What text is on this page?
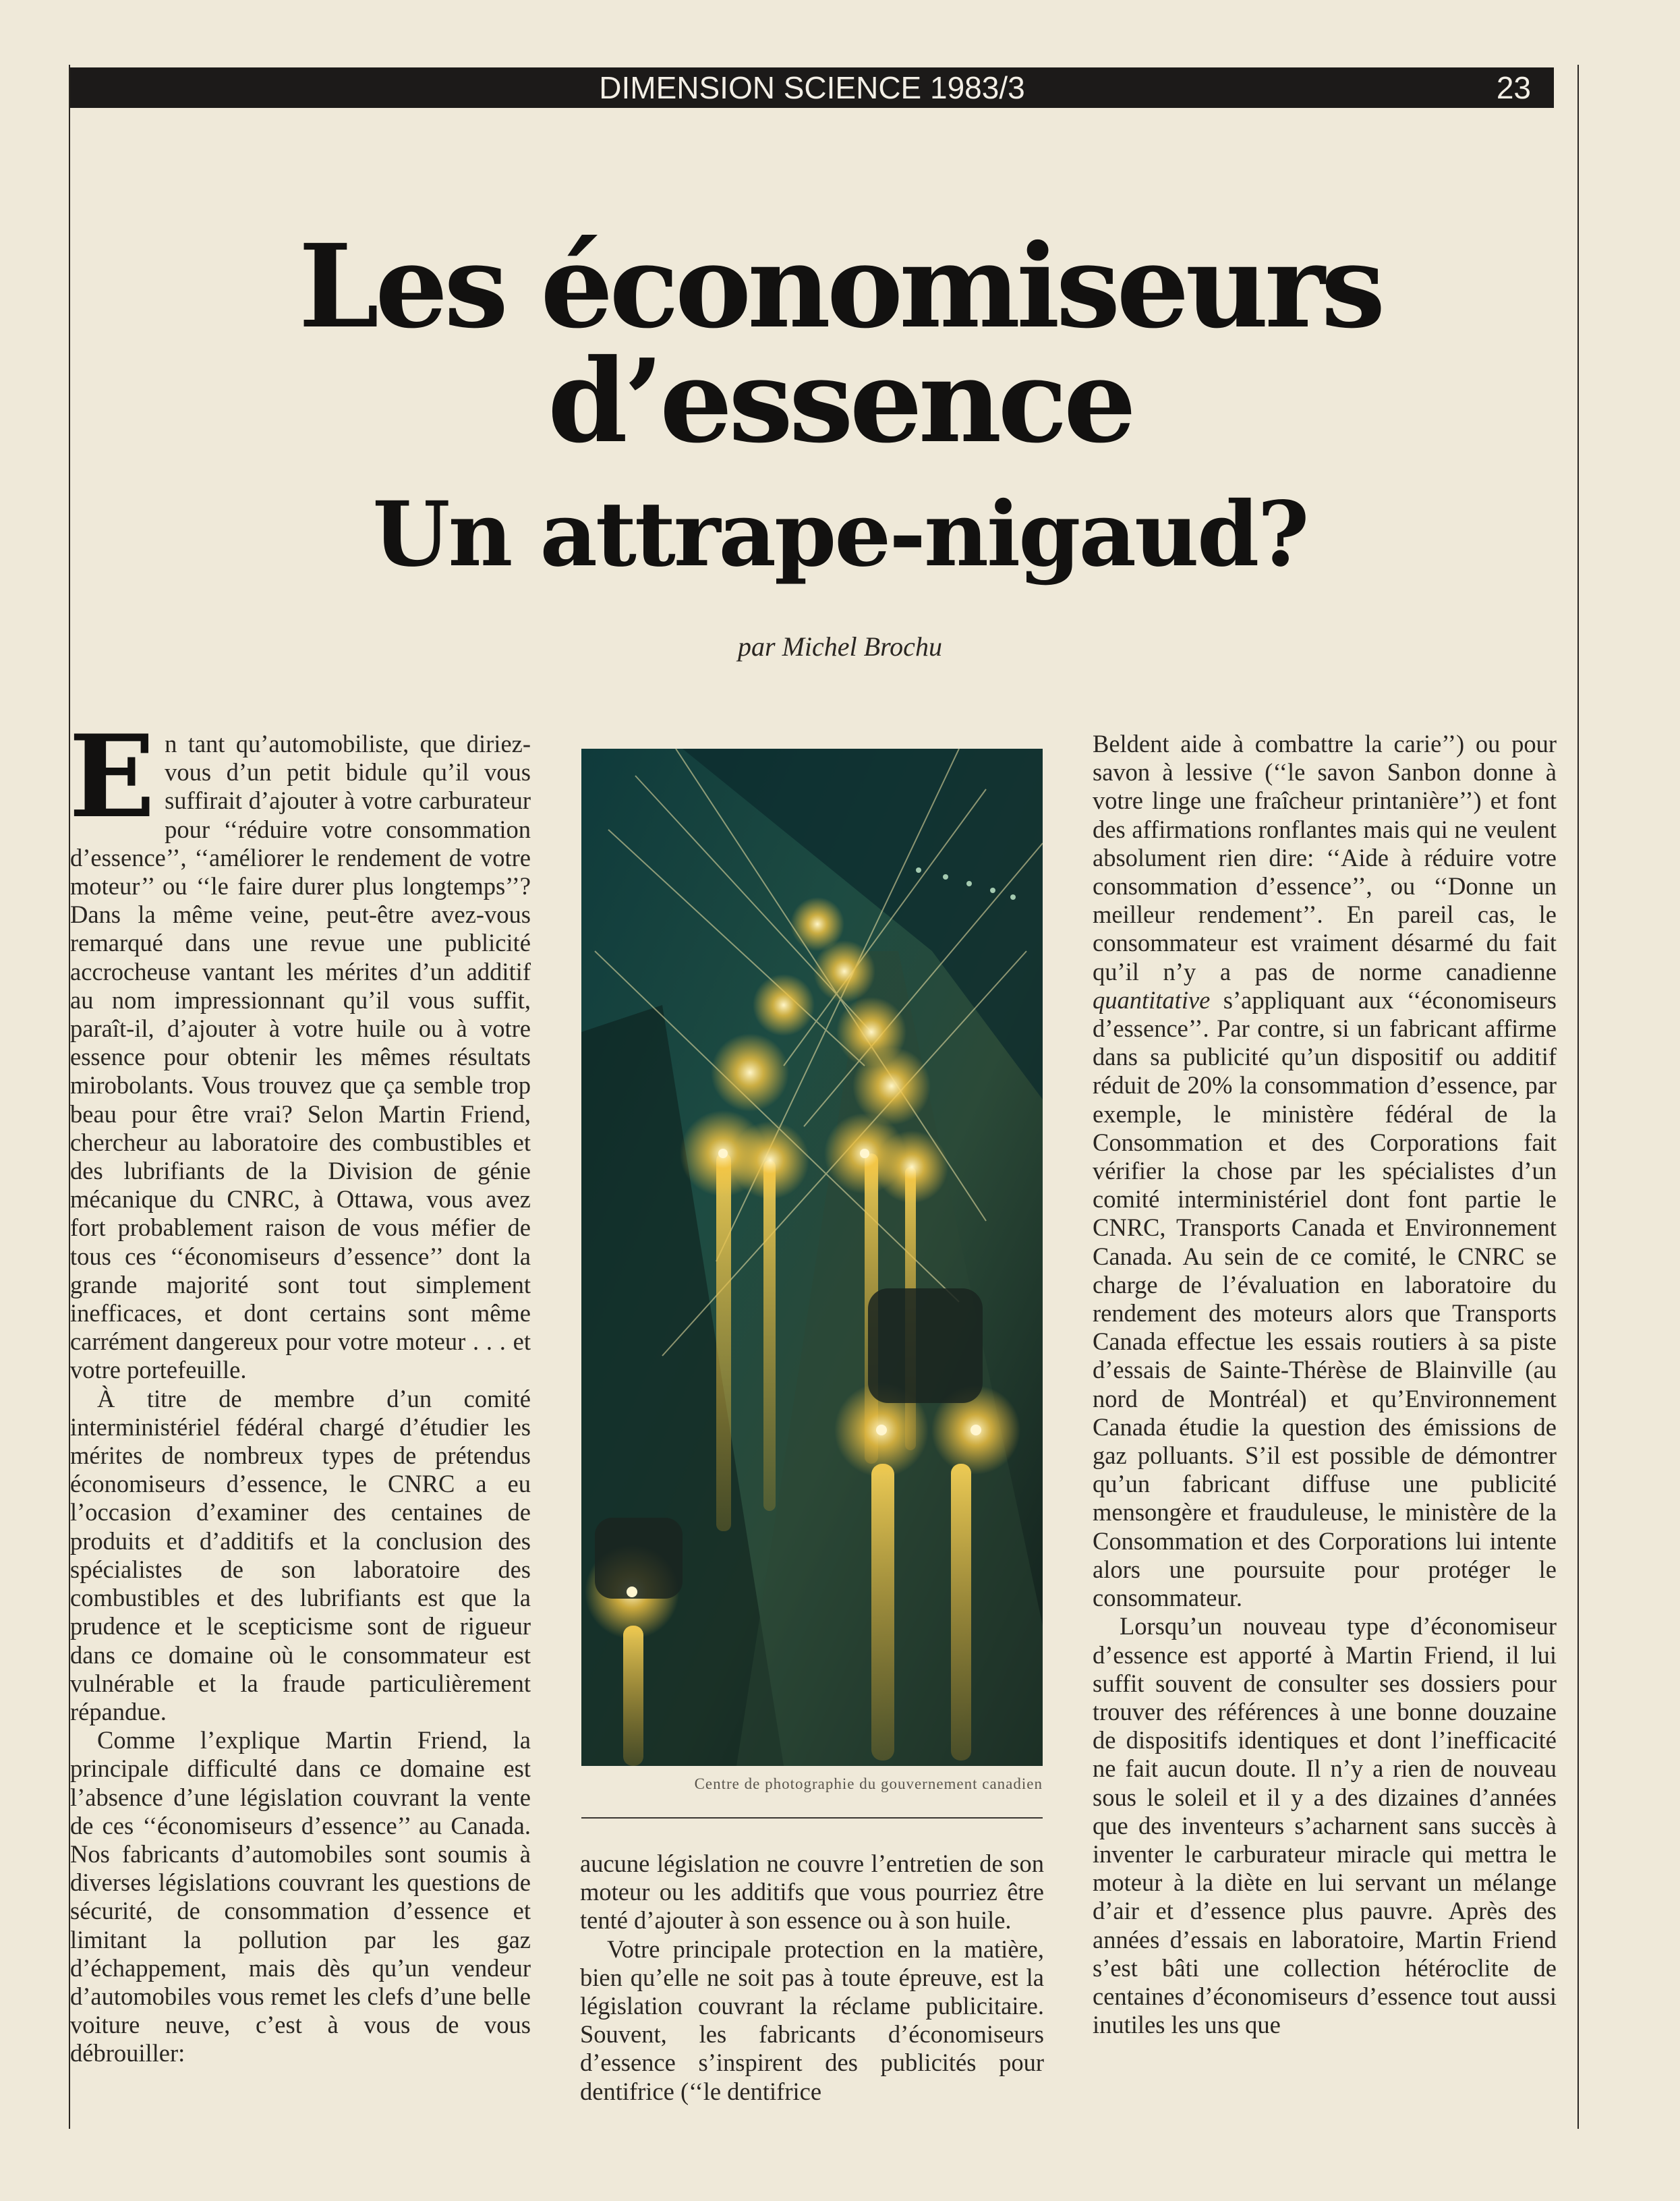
DIMENSION SCIENCE 1983/3	23
Les économiseurs
d’essence
Un attrape-nigaud?
par Michel Brochu

En tant qu’automobiliste, que diriez-vous d’un petit bidule qu’il vous suffirait d’ajouter à votre carburateur pour ‘‘réduire votre consommation d’essence’’, ‘‘améliorer le rendement de votre moteur’’ ou ‘‘le faire durer plus longtemps’’? Dans la même veine, peut-être avez-vous remarqué dans une revue une publicité accrocheuse vantant les mérites d’un additif au nom impressionnant qu’il vous suffit, paraît-il, d’ajouter à votre huile ou à votre essence pour obtenir les mêmes résultats mirobolants. Vous trouvez que ça semble trop beau pour être vrai? Selon Martin Friend, chercheur au laboratoire des combustibles et des lubrifiants de la Division de génie mécanique du CNRC, à Ottawa, vous avez fort probablement raison de vous méfier de tous ces ‘‘économiseurs d’essence’’ dont la grande majorité sont tout simplement inefficaces, et dont certains sont même carrément dangereux pour votre moteur . . . et votre portefeuille.

À titre de membre d’un comité interministériel fédéral chargé d’étudier les mérites de nombreux types de prétendus économiseurs d’essence, le CNRC a eu l’occasion d’examiner des centaines de produits et d’additifs et la conclusion des spécialistes de son laboratoire des combustibles et des lubrifiants est que la prudence et le scepticisme sont de rigueur dans ce domaine où le consommateur est vulnérable et la fraude particulièrement répandue.

Comme l’explique Martin Friend, la principale difficulté dans ce domaine est l’absence d’une législation couvrant la vente de ces ‘‘économiseurs d’essence’’ au Canada. Nos fabricants d’automobiles sont soumis à diverses législations couvrant les questions de sécurité, de consommation d’essence et limitant la pollution par les gaz d’échappement, mais dès qu’un vendeur d’automobiles vous remet les clefs d’une belle voiture neuve, c’est à vous de vous débrouiller:

Centre de photographie du gouvernement canadien

aucune législation ne couvre l’entretien de son moteur ou les additifs que vous pourriez être tenté d’ajouter à son essence ou à son huile.

Votre principale protection en la matière, bien qu’elle ne soit pas à toute épreuve, est la législation couvrant la réclame publicitaire. Souvent, les fabricants d’économiseurs d’essence s’inspirent des publicités pour dentifrice (‘‘le dentifrice

Beldent aide à combattre la carie’’) ou pour savon à lessive (‘‘le savon Sanbon donne à votre linge une fraîcheur printanière’’) et font des affirmations ronflantes mais qui ne veulent absolument rien dire: ‘‘Aide à réduire votre consommation d’essence’’, ou ‘‘Donne un meilleur rendement’’. En pareil cas, le consommateur est vraiment désarmé du fait qu’il n’y a pas de norme canadienne quantitative s’appliquant aux ‘‘économiseurs d’essence’’. Par contre, si un fabricant affirme dans sa publicité qu’un dispositif ou additif réduit de 20% la consommation d’essence, par exemple, le ministère fédéral de la Consommation et des Corporations fait vérifier la chose par les spécialistes d’un comité interministériel dont font partie le CNRC, Transports Canada et Environnement Canada. Au sein de ce comité, le CNRC se charge de l’évaluation en laboratoire du rendement des moteurs alors que Transports Canada effectue les essais routiers à sa piste d’essais de Sainte-Thérèse de Blainville (au nord de Montréal) et qu’Environnement Canada étudie la question des émissions de gaz polluants. S’il est possible de démontrer qu’un fabricant diffuse une publicité mensongère et frauduleuse, le ministère de la Consommation et des Corporations lui intente alors une poursuite pour protéger le consommateur.

Lorsqu’un nouveau type d’économiseur d’essence est apporté à Martin Friend, il lui suffit souvent de consulter ses dossiers pour trouver des références à une bonne douzaine de dispositifs identiques et dont l’inefficacité ne fait aucun doute. Il n’y a rien de nouveau sous le soleil et il y a des dizaines d’années que des inventeurs s’acharnent sans succès à inventer le carburateur miracle qui mettra le moteur à la diète en lui servant un mélange d’air et d’essence plus pauvre. Après des années d’essais en laboratoire, Martin Friend s’est bâti une collection hétéroclite de centaines d’économiseurs d’essence tout aussi inutiles les uns que
